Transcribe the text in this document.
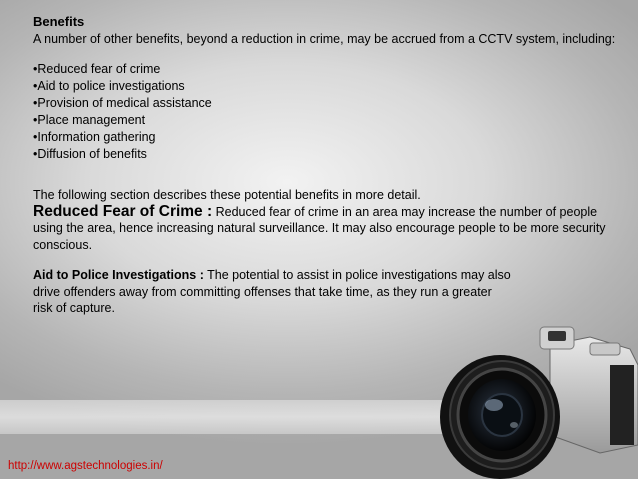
Benefits

A number of other benefits, beyond a reduction in crime, may be accrued from a CCTV system, including:

•Reduced fear of crime
•Aid to police investigations
•Provision of medical assistance
•Place management
•Information gathering
•Diffusion of benefits

The following section describes these potential benefits in more detail.

Reduced Fear of Crime : Reduced fear of crime in an area may increase the number of people using the area, hence increasing natural surveillance. It may also encourage people to be more security conscious.

Aid to Police Investigations : The potential to assist in police investigations may also drive offenders away from committing offenses that take time, as they run a greater risk of capture.

http://www.agstechnologies.in/
